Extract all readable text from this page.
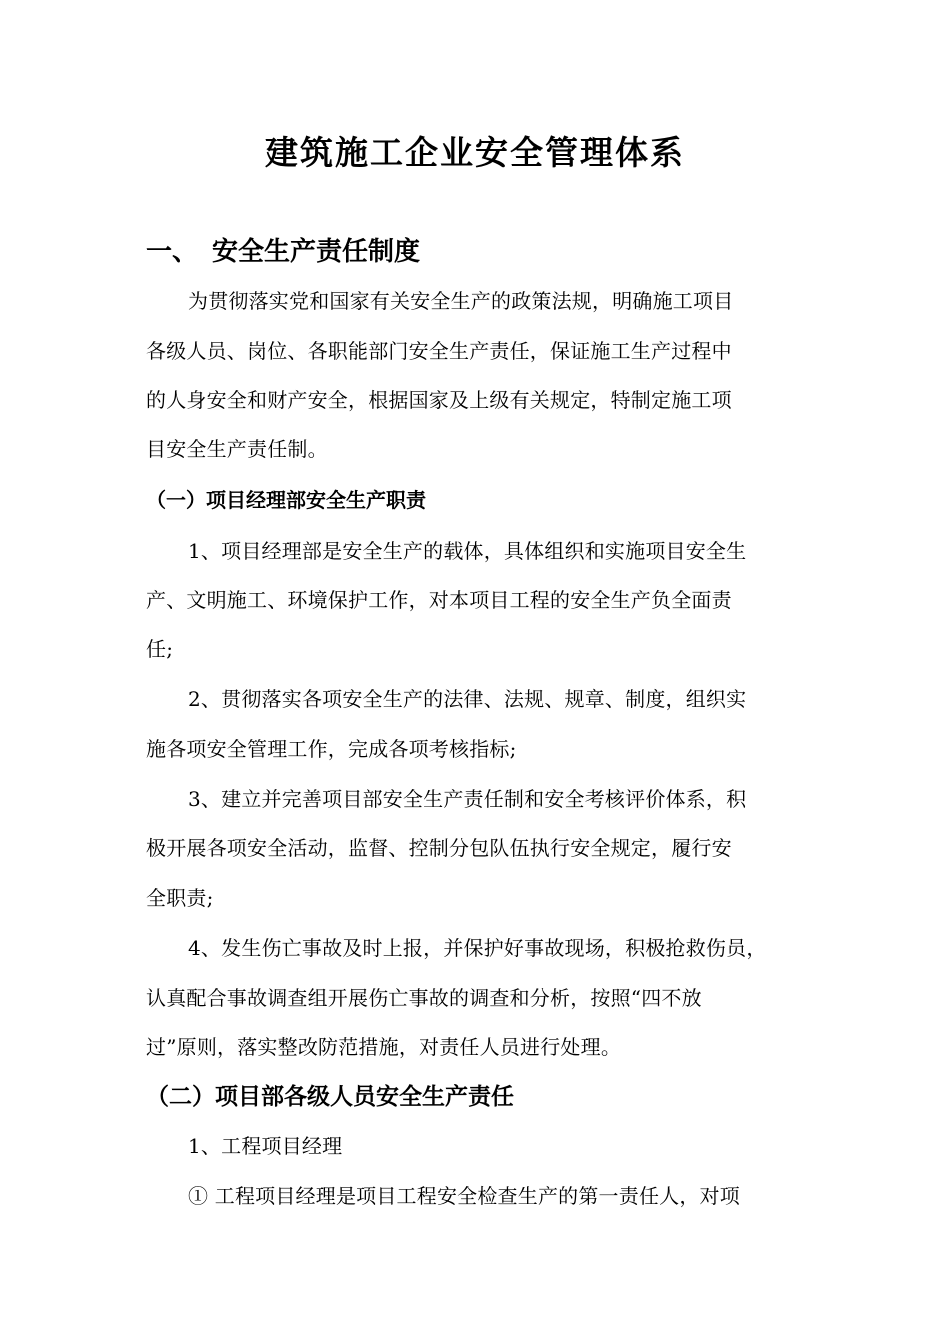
建筑施工企业安全管理体系
一、 安全生产责任制度
为贯彻落实党和国家有关安全生产的政策法规，明确施工项目
各级人员、岗位、各职能部门安全生产责任，保证施工生产过程中
的人身安全和财产安全，根据国家及上级有关规定，特制定施工项
目安全生产责任制。
（一）项目经理部安全生产职责
1、项目经理部是安全生产的载体，具体组织和实施项目安全生
产、文明施工、环境保护工作，对本项目工程的安全生产负全面责
任;
2、贯彻落实各项安全生产的法律、法规、规章、制度，组织实
施各项安全管理工作，完成各项考核指标;
3、建立并完善项目部安全生产责任制和安全考核评价体系，积
极开展各项安全活动，监督、控制分包队伍执行安全规定，履行安
全职责;
4、发生伤亡事故及时上报，并保护好事故现场，积极抢救伤员，
认真配合事故调查组开展伤亡事故的调查和分析，按照“四不放
过”原则，落实整改防范措施，对责任人员进行处理。
（二）项目部各级人员安全生产责任
1、工程项目经理
① 工程项目经理是项目工程安全检查生产的第一责任人，对项
